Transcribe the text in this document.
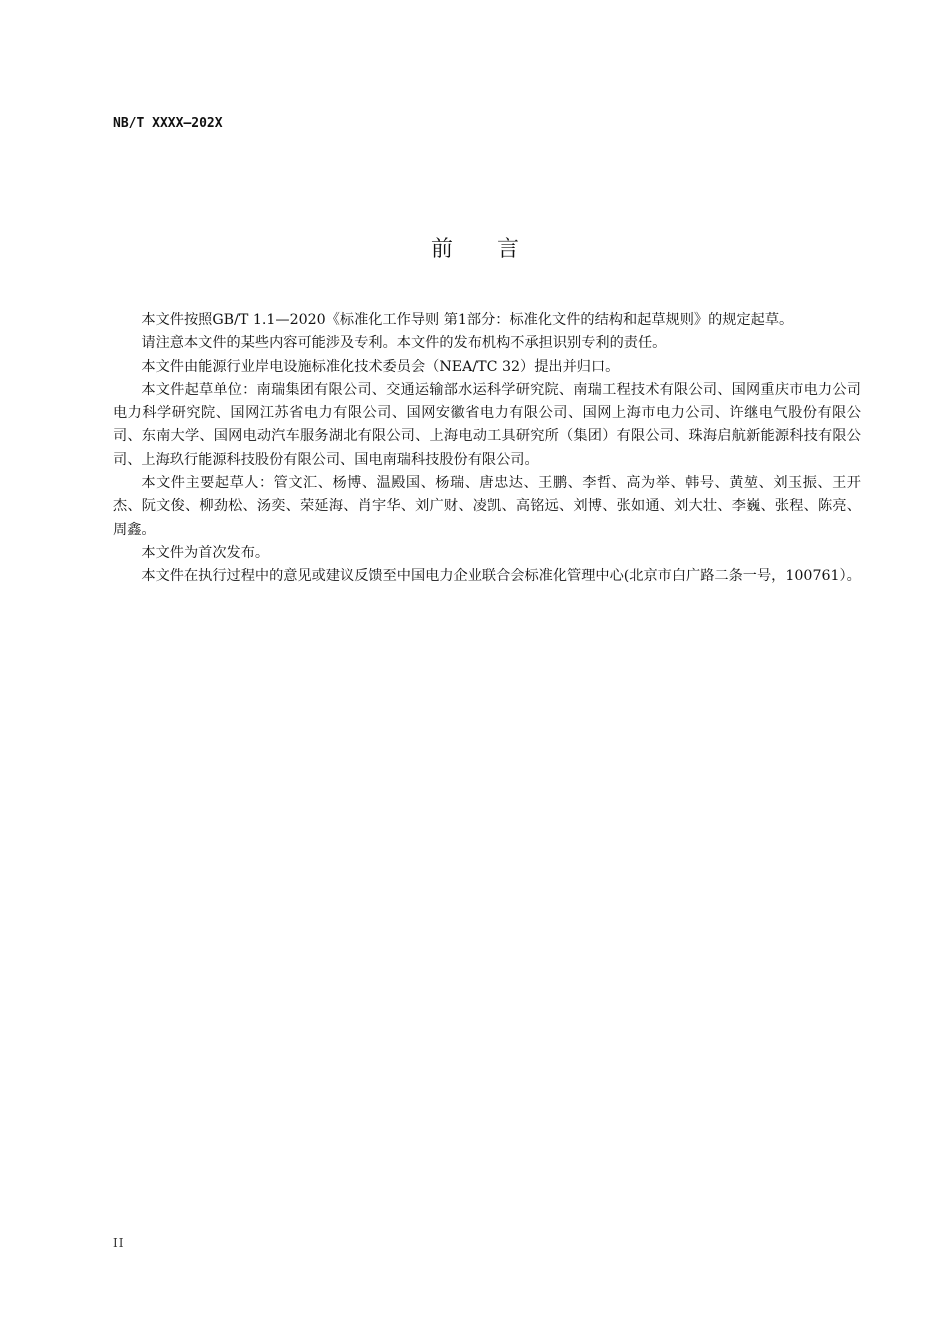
NB/T XXXX—202X
前 言

本文件按照GB/T 1.1—2020《标准化工作导则 第1部分：标准化文件的结构和起草规则》的规定起草。

请注意本文件的某些内容可能涉及专利。本文件的发布机构不承担识别专利的责任。

本文件由能源行业岸电设施标准化技术委员会（NEA/TC 32）提出并归口。

本文件起草单位：南瑞集团有限公司、交通运输部水运科学研究院、南瑞工程技术有限公司、国网重庆市电力公司电力科学研究院、国网江苏省电力有限公司、国网安徽省电力有限公司、国网上海市电力公司、许继电气股份有限公司、东南大学、国网电动汽车服务湖北有限公司、上海电动工具研究所（集团）有限公司、珠海启航新能源科技有限公司、上海玖行能源科技股份有限公司、国电南瑞科技股份有限公司。

本文件主要起草人：管文汇、杨博、温殿国、杨瑞、唐忠达、王鹏、李哲、高为举、韩号、黄堃、刘玉振、王开杰、阮文俊、柳劲松、汤奕、荣延海、肖宇华、刘广财、凌凯、高铭远、刘博、张如通、刘大壮、李巍、张程、陈亮、周鑫。

本文件为首次发布。

本文件在执行过程中的意见或建议反馈至中国电力企业联合会标准化管理中心(北京市白广路二条一号，100761）。

II
